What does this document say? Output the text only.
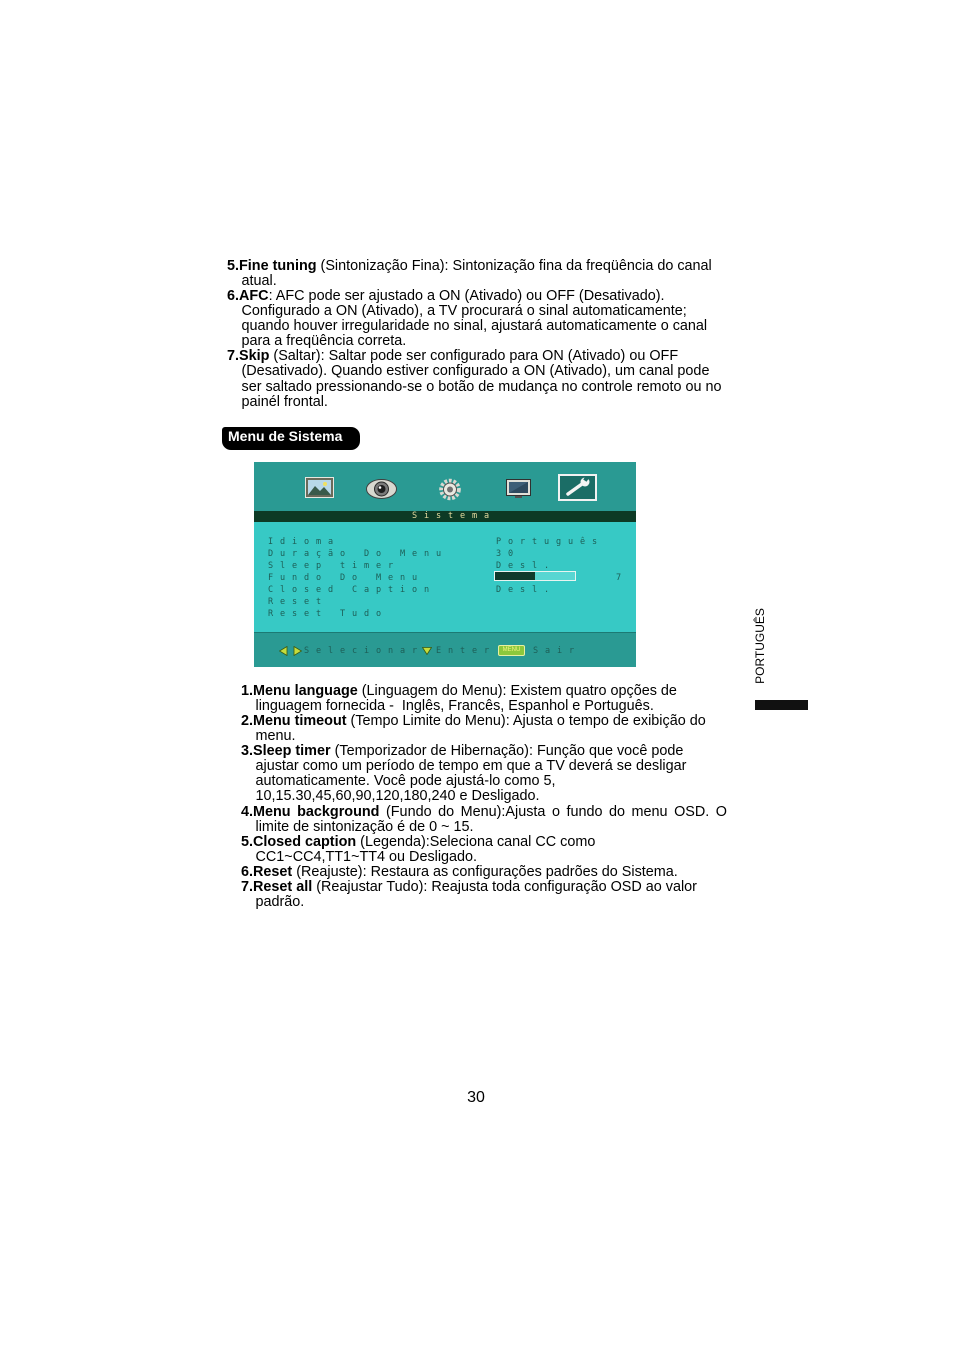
5.Fine tuning (Sintonização Fina): Sintonização fina da freqüência do canal
atual.
6.AFC: AFC pode ser ajustado a ON (Ativado) ou OFF (Desativado).
Configurado a ON (Ativado), a TV procurará o sinal automaticamente;
quando houver irregularidade no sinal, ajustará automaticamente o canal
para a freqüência correta.
7.Skip (Saltar): Saltar pode ser configurado para ON (Ativado) ou OFF
(Desativado). Quando estiver configurado a ON (Ativado), um canal pode
ser saltado pressionando-se o botão de mudança no controle remoto ou no
painél frontal.
Menu de Sistema
Sistema
Idioma	Português
Duração Do Menu	30
Sleep timer	Desl.
Fundo Do Menu	7
Closed Caption	Desl.
Reset
Reset Tudo
Selecionar Enter	MENU	Sair
1.Menu language (Linguagem do Menu): Existem quatro opções de
linguagem fornecida -  Inglês, Francês, Espanhol e Português.
2.Menu timeout (Tempo Limite do Menu): Ajusta o tempo de exibição do
menu.
3.Sleep timer (Temporizador de Hibernação): Função que você pode
ajustar como um período de tempo em que a TV deverá se desligar
automaticamente. Você pode ajustá-lo como 5,
10,15.30,45,60,90,120,180,240 e Desligado.
4.Menu background (Fundo do Menu):Ajusta o fundo do menu OSD. O
limite de sintonização é de 0 ~ 15.
5.Closed caption (Legenda):Seleciona canal CC como
CC1~CC4,TT1~TT4 ou Desligado.
6.Reset (Reajuste): Restaura as configurações padrões do Sistema.
7.Reset all (Reajustar Tudo): Reajusta toda configuração OSD ao valor
padrão.
PORTUGUÊS
30
